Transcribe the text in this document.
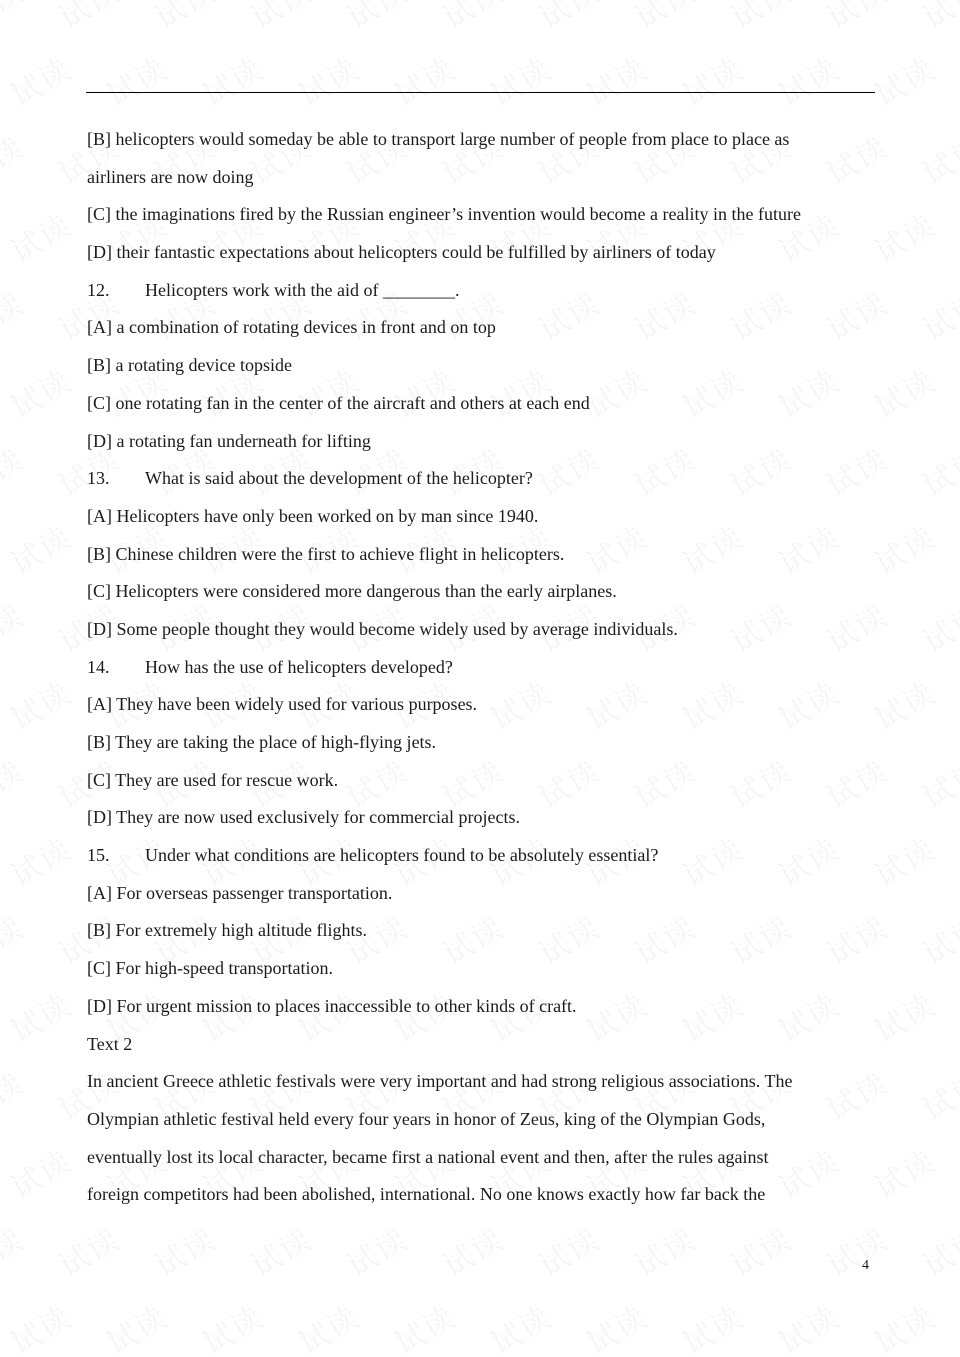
[B] helicopters would someday be able to transport large number of people from place to place as
airliners are now doing
[C] the imaginations fired by the Russian engineer’s invention would become a reality in the future
[D] their fantastic expectations about helicopters could be fulfilled by airliners of today
12. Helicopters work with the aid of ________.
[A] a combination of rotating devices in front and on top
[B] a rotating device topside
[C] one rotating fan in the center of the aircraft and others at each end
[D] a rotating fan underneath for lifting
13. What is said about the development of the helicopter?
[A] Helicopters have only been worked on by man since 1940.
[B] Chinese children were the first to achieve flight in helicopters.
[C] Helicopters were considered more dangerous than the early airplanes.
[D] Some people thought they would become widely used by average individuals.
14. How has the use of helicopters developed?
[A] They have been widely used for various purposes.
[B] They are taking the place of high-flying jets.
[C] They are used for rescue work.
[D] They are now used exclusively for commercial projects.
15. Under what conditions are helicopters found to be absolutely essential?
[A] For overseas passenger transportation.
[B] For extremely high altitude flights.
[C] For high-speed transportation.
[D] For urgent mission to places inaccessible to other kinds of craft.
Text 2
In ancient Greece athletic festivals were very important and had strong religious associations. The
Olympian athletic festival held every four years in honor of Zeus, king of the Olympian Gods,
eventually lost its local character, became first a national event and then, after the rules against
foreign competitors had been abolished, international. No one knows exactly how far back the
4
